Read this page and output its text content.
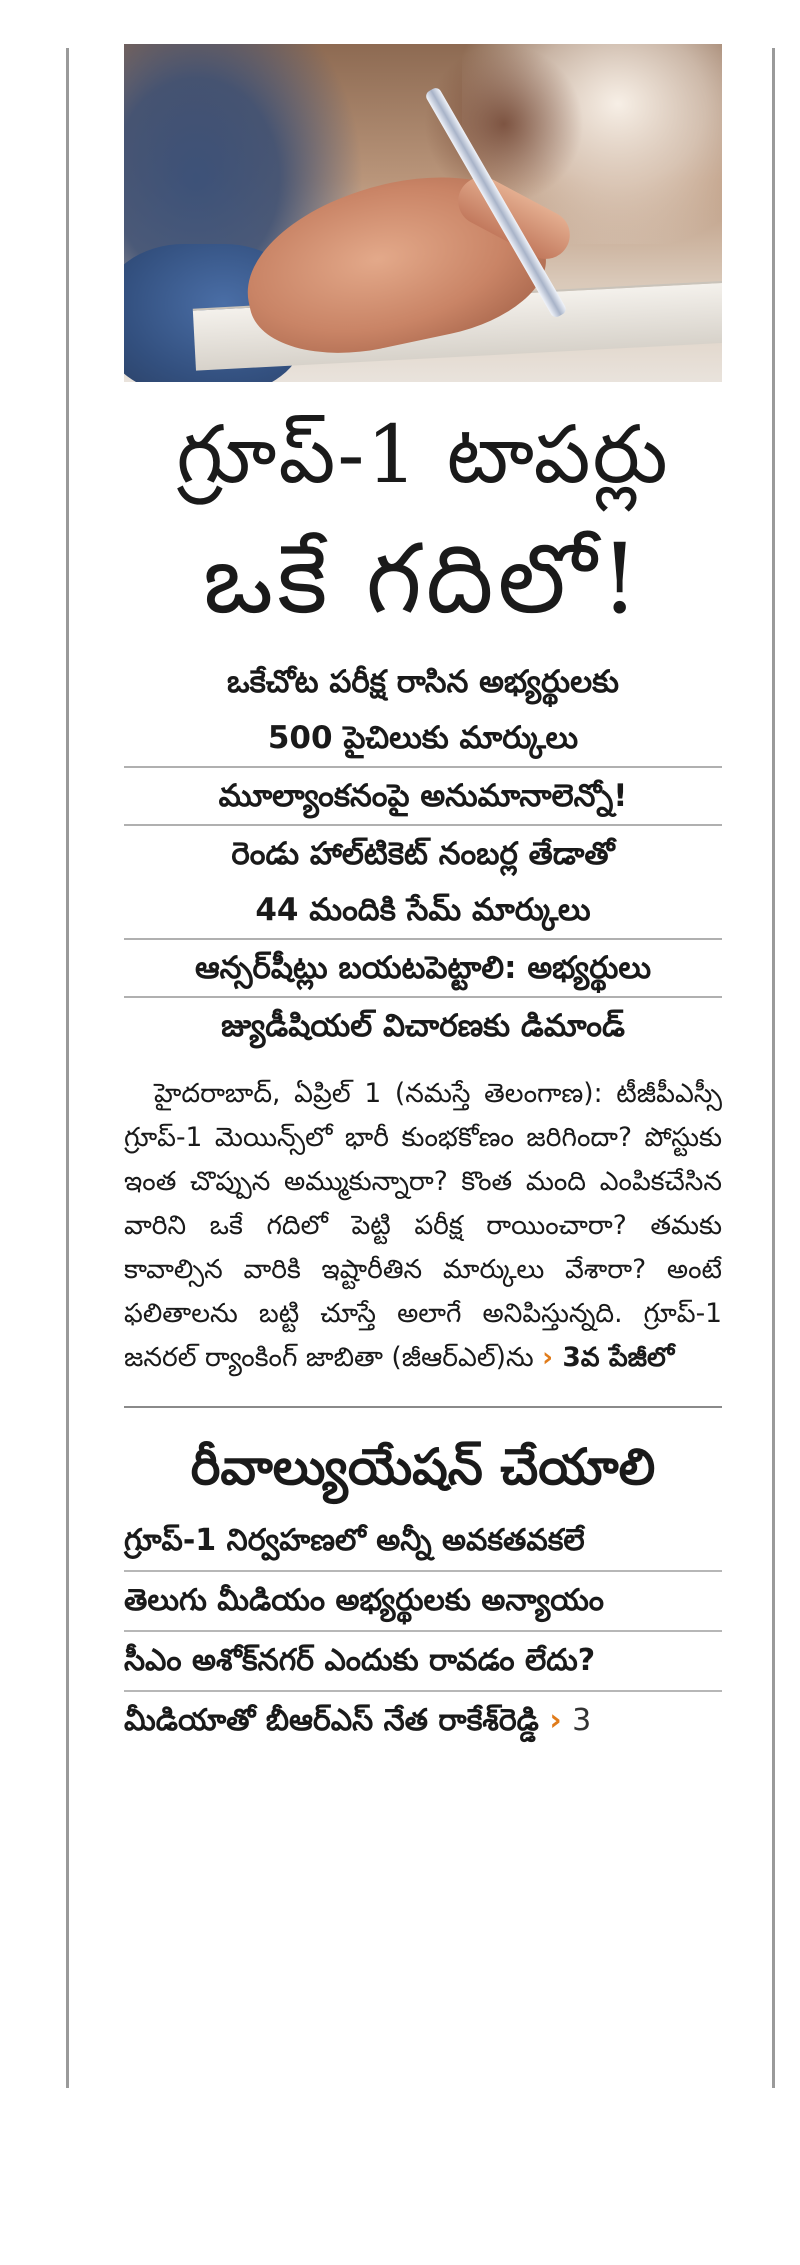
గ్రూప్‌-1 టాపర్లు
ఒకే గదిలో!
ఒకేచోట పరీక్ష రాసిన అభ్యర్థులకు
500 పైచిలుకు మార్కులు
మూల్యాంకనంపై అనుమానాలెన్నో!
రెండు హాల్‌టికెట్‌ నంబర్ల తేడాతో
44 మందికి సేమ్‌ మార్కులు
ఆన్సర్‌షీట్లు బయటపెట్టాలి: అభ్యర్థులు
జ్యుడీషియల్‌ విచారణకు డిమాండ్‌
హైదరాబాద్‌, ఏప్రిల్‌ 1 (నమస్తే తెలంగాణ): టీజీపీఎస్సీ గ్రూప్‌-1 మెయిన్స్‌లో భారీ కుంభకోణం జరిగిందా? పోస్టుకు ఇంత చొప్పున అమ్ముకున్నారా? కొంత మంది ఎంపికచేసిన వారిని ఒకే గదిలో పెట్టి పరీక్ష రాయించారా? తమకు కావాల్సిన వారికి ఇష్టారీతిన మార్కులు వేశారా? అంటే ఫలితాలను బట్టి చూస్తే అలాగే అనిపిస్తున్నది. గ్రూప్‌-1 జనరల్‌ ర్యాంకింగ్‌ జాబితా (జీఆర్‌ఎల్‌)ను › 3వ పేజీలో
రీవాల్యుయేషన్‌ చేయాలి
గ్రూప్‌-1 నిర్వహణలో అన్నీ అవకతవకలే
తెలుగు మీడియం అభ్యర్థులకు అన్యాయం
సీఎం అశోక్‌నగర్‌ ఎందుకు రావడం లేదు?
మీడియాతో బీఆర్‌ఎస్‌ నేత రాకేశ్‌రెడ్డి › 3
